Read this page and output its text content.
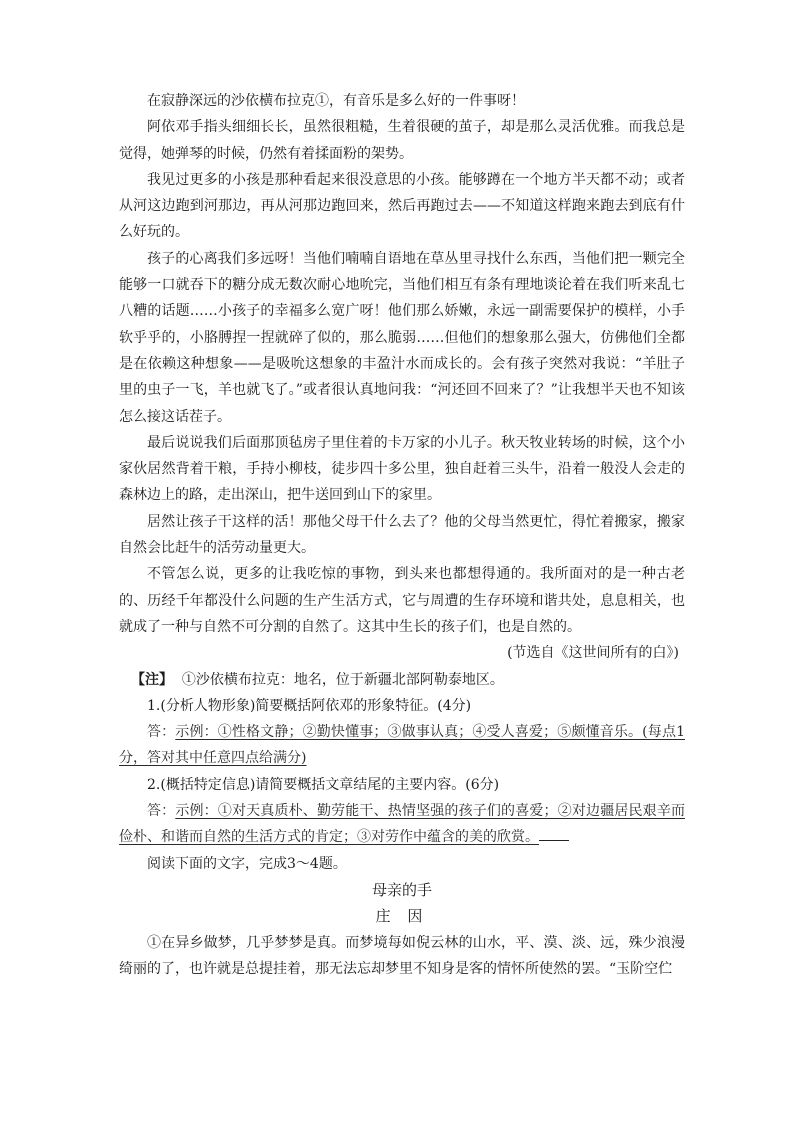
在寂静深远的沙依横布拉克①，有音乐是多么好的一件事呀！

阿依邓手指头细细长长，虽然很粗糙，生着很硬的茧子，却是那么灵活优雅。而我总是觉得，她弹琴的时候，仍然有着揉面粉的架势。

我见过更多的小孩是那种看起来很没意思的小孩。能够蹲在一个地方半天都不动；或者从河这边跑到河那边，再从河那边跑回来，然后再跑过去——不知道这样跑来跑去到底有什么好玩的。

孩子的心离我们多远呀！当他们喃喃自语地在草丛里寻找什么东西，当他们把一颗完全能够一口就吞下的糖分成无数次耐心地吮完，当他们相互有条有理地谈论着在我们听来乱七八糟的话题……小孩子的幸福多么宽广呀！他们那么娇嫩，永远一副需要保护的模样，小手软乎乎的，小胳膊捏一捏就碎了似的，那么脆弱……但他们的想象那么强大，仿佛他们全都是在依赖这种想象——是吸吮这想象的丰盈汁水而成长的。会有孩子突然对我说：“羊肚子里的虫子一飞，羊也就飞了。”或者很认真地问我：“河还回不回来了？”让我想半天也不知该怎么接这话茬子。

最后说说我们后面那顶毡房子里住着的卡万家的小儿子。秋天牧业转场的时候，这个小家伙居然背着干粮，手持小柳枝，徒步四十多公里，独自赶着三头牛，沿着一般没人会走的森林边上的路，走出深山，把牛送回到山下的家里。

居然让孩子干这样的活！那他父母干什么去了？他的父母当然更忙，得忙着搬家，搬家自然会比赶牛的活劳动量更大。

不管怎么说，更多的让我吃惊的事物，到头来也都想得通的。我所面对的是一种古老的、历经千年都没什么问题的生产生活方式，它与周遭的生存环境和谐共处，息息相关，也就成了一种与自然不可分割的自然了。这其中生长的孩子们，也是自然的。

(节选自《这世间所有的白》)

【注】 ①沙依横布拉克：地名，位于新疆北部阿勒泰地区。

1.(分析人物形象)简要概括阿依邓的形象特征。(4分)

答：示例：①性格文静；②勤快懂事；③做事认真；④受人喜爱；⑤颇懂音乐。(每点1分，答对其中任意四点给满分)

2.(概括特定信息)请简要概括文章结尾的主要内容。(6分)

答：示例：①对天真质朴、勤劳能干、热情坚强的孩子们的喜爱；②对边疆居民艰辛而俭朴、和谐而自然的生活方式的肯定；③对劳作中蕴含的美的欣赏。

阅读下面的文字，完成3～4题。

母亲的手

庄 因

①在异乡做梦，几乎梦梦是真。而梦境每如倪云林的山水，平、漠、淡、远，殊少浪漫绮丽的了，也许就是总提挂着，那无法忘却梦里不知身是客的情怀所使然的罢。“玉阶空伫
